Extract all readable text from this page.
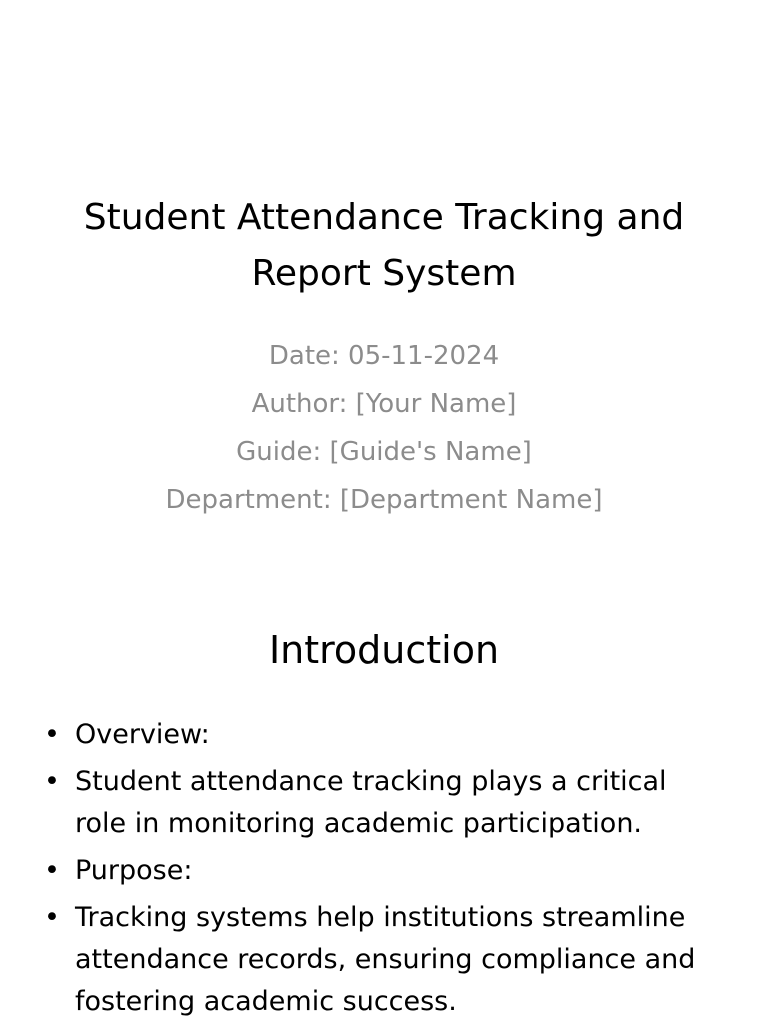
Student Attendance Tracking and
Report System
Date: 05-11-2024
Author: [Your Name]
Guide: [Guide's Name]
Department: [Department Name]
Introduction
• Overview:
• Student attendance tracking plays a critical role in monitoring academic participation.
• Purpose:
• Tracking systems help institutions streamline attendance records, ensuring compliance and fostering academic success.
